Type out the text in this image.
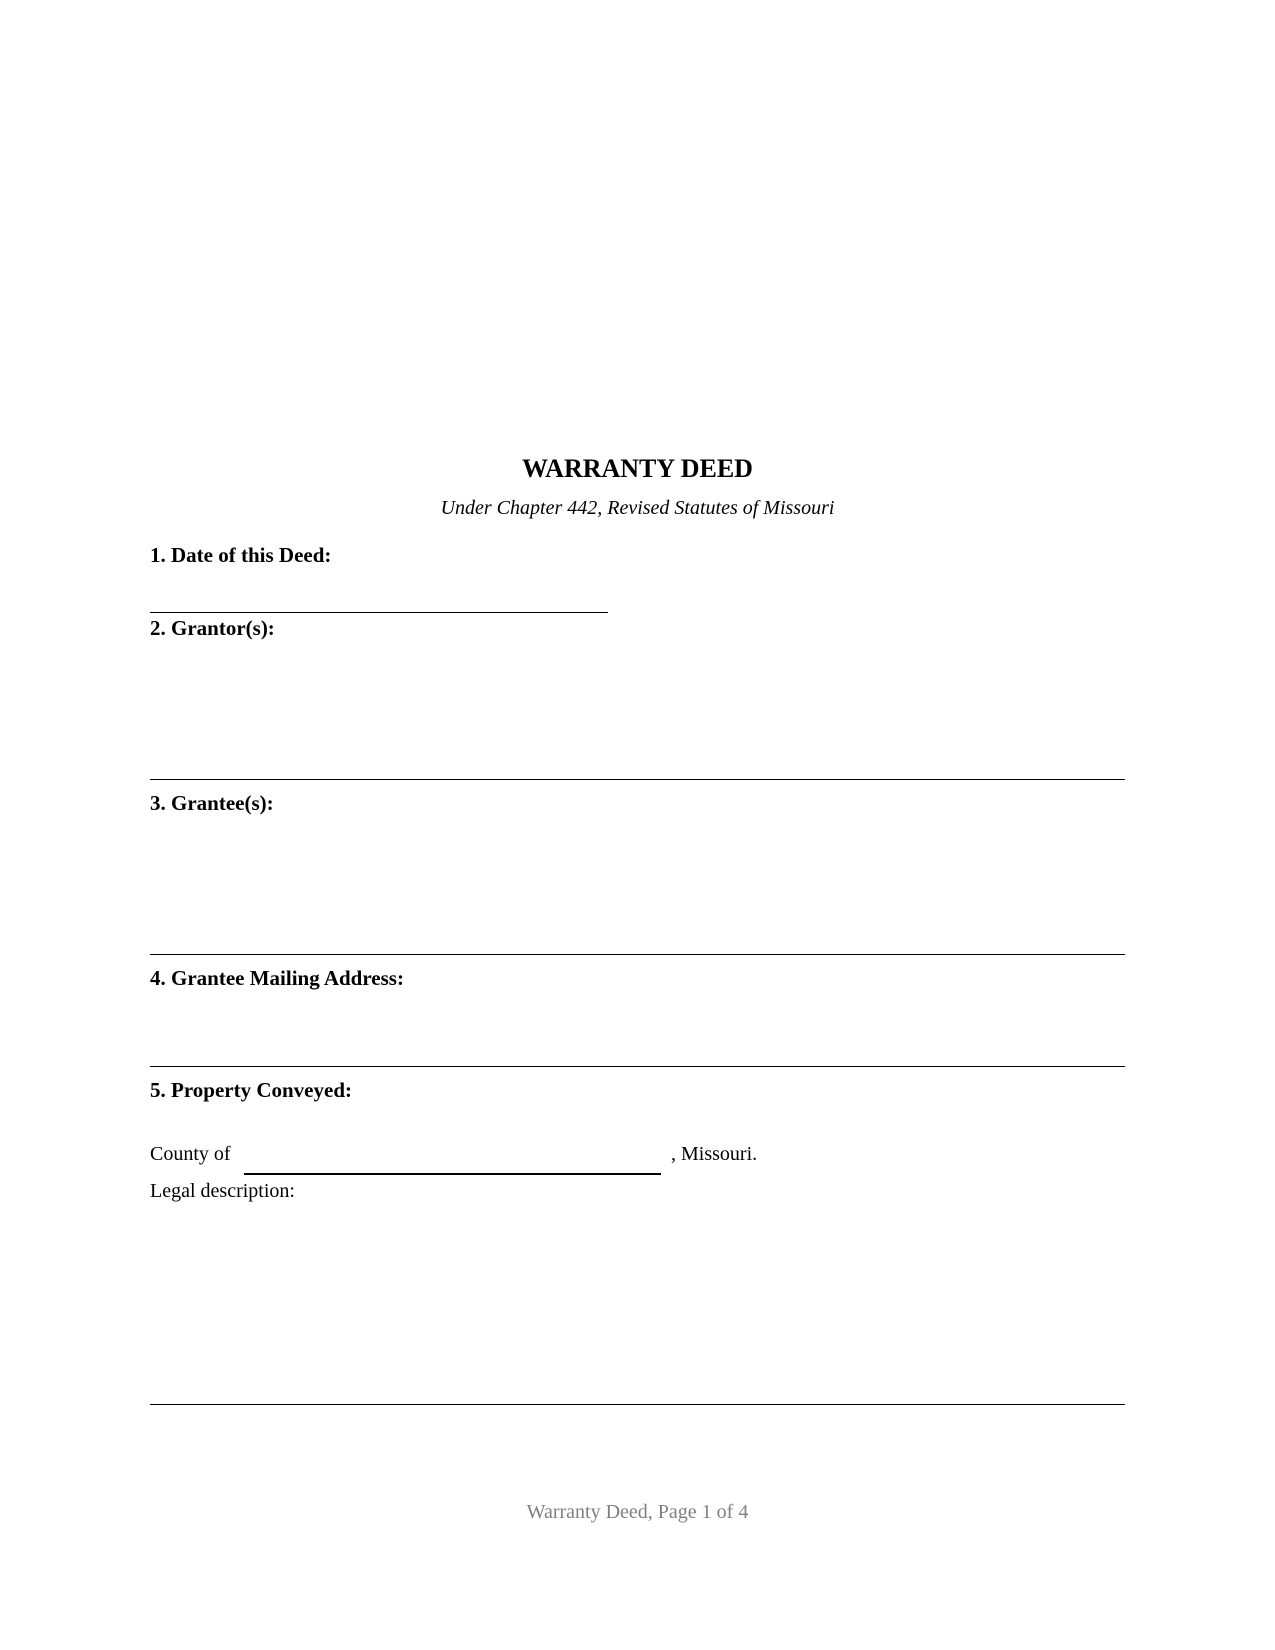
WARRANTY DEED
Under Chapter 442, Revised Statutes of Missouri
1. Date of this Deed:
2. Grantor(s):
3. Grantee(s):
4. Grantee Mailing Address:
5. Property Conveyed:
County of	, Missouri.
Legal description:
Warranty Deed, Page 1 of 4
